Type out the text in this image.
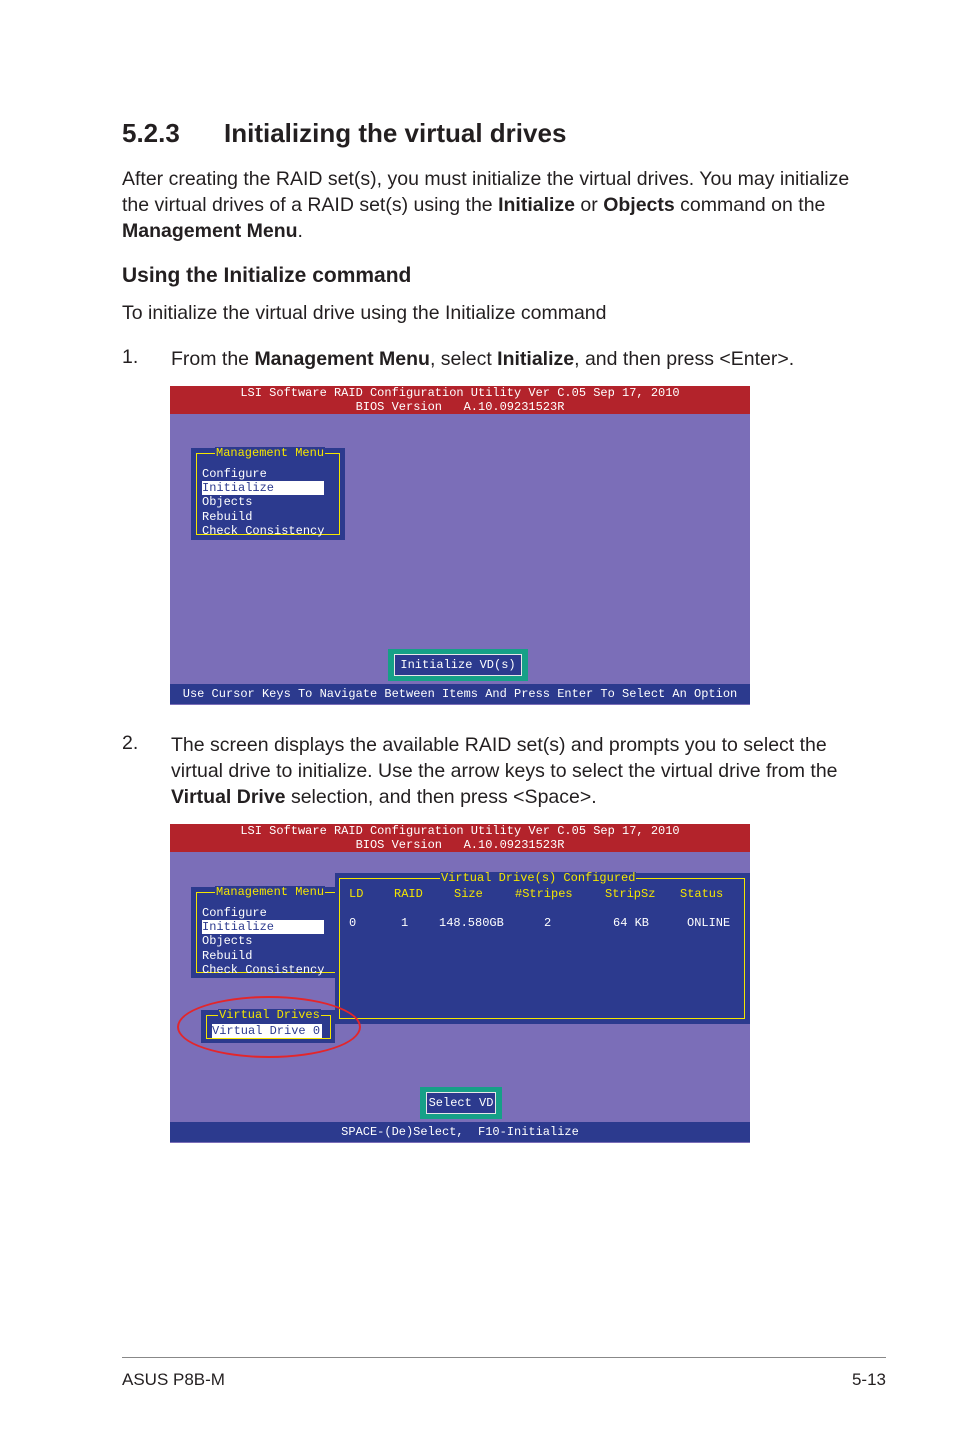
5.2.3 Initializing the virtual drives
After creating the RAID set(s), you must initialize the virtual drives. You may initialize the virtual drives of a RAID set(s) using the Initialize or Objects command on the Management Menu.
Using the Initialize command
To initialize the virtual drive using the Initialize command
1. From the Management Menu, select Initialize, and then press <Enter>.
LSI Software RAID Configuration Utility Ver C.05 Sep 17, 2010
BIOS Version   A.10.09231523R
Management Menu
Configure
Initialize
Objects
Rebuild
Check Consistency
Initialize VD(s)
Use Cursor Keys To Navigate Between Items And Press Enter To Select An Option
2. The screen displays the available RAID set(s) and prompts you to select the virtual drive to initialize. Use the arrow keys to select the virtual drive from the Virtual Drive selection, and then press <Space>.
LSI Software RAID Configuration Utility Ver C.05 Sep 17, 2010
BIOS Version   A.10.09231523R
Management Menu
Configure
Initialize
Objects
Rebuild
Check Consistency
Virtual Drive(s) Configured
LD	RAID	Size	#Stripes	StripSz Status
0	1	148.580GB	2	64 KB	ONLINE
Virtual Drives
Virtual Drive 0
Select VD
SPACE-(De)Select,  F10-Initialize
ASUS P8B-M	5-13
